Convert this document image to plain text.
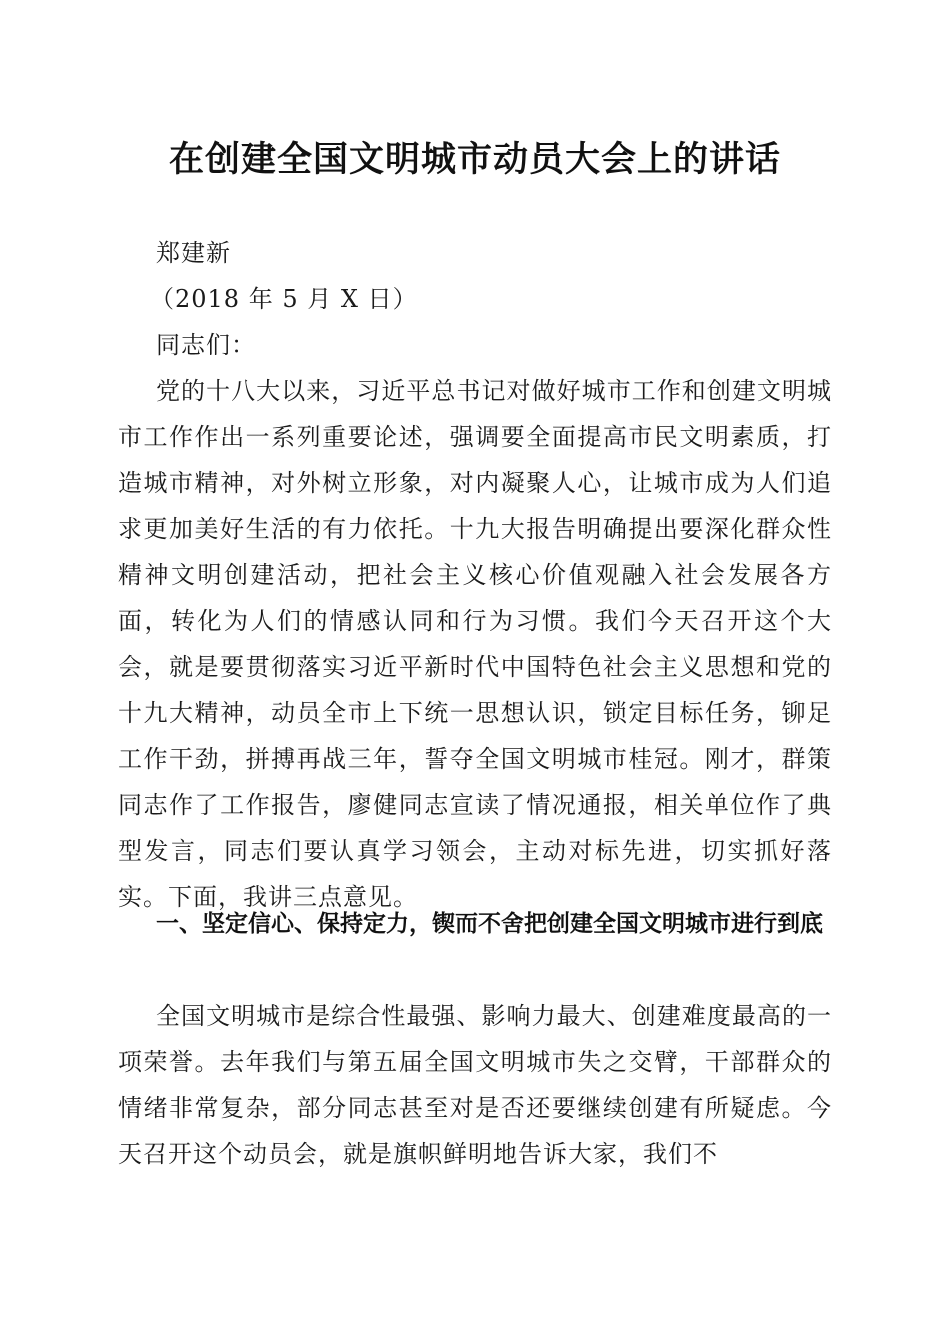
在创建全国文明城市动员大会上的讲话
郑建新
（2018 年 5 月 X 日）
同志们：
党的十八大以来，习近平总书记对做好城市工作和创建文明城市工作作出一系列重要论述，强调要全面提高市民文明素质，打造城市精神，对外树立形象，对内凝聚人心，让城市成为人们追求更加美好生活的有力依托。十九大报告明确提出要深化群众性精神文明创建活动，把社会主义核心价值观融入社会发展各方面，转化为人们的情感认同和行为习惯。我们今天召开这个大会，就是要贯彻落实习近平新时代中国特色社会主义思想和党的十九大精神，动员全市上下统一思想认识，锁定目标任务，铆足工作干劲，拼搏再战三年，誓夺全国文明城市桂冠。刚才，群策同志作了工作报告，廖健同志宣读了情况通报，相关单位作了典型发言，同志们要认真学习领会，主动对标先进，切实抓好落实。下面，我讲三点意见。
一、坚定信心、保持定力，锲而不舍把创建全国文明城市进行到底
全国文明城市是综合性最强、影响力最大、创建难度最高的一项荣誉。去年我们与第五届全国文明城市失之交臂，干部群众的情绪非常复杂，部分同志甚至对是否还要继续创建有所疑虑。今天召开这个动员会，就是旗帜鲜明地告诉大家，我们不
